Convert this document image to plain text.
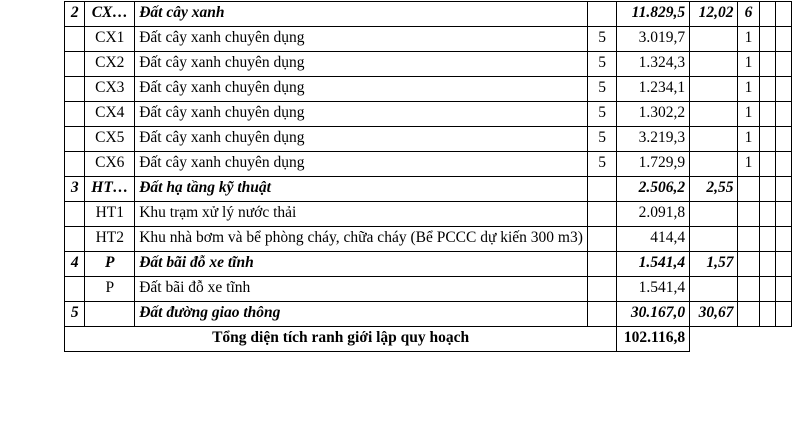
2	CX…	Đất cây xanh		11.829,5	12,02	6		
	CX1	Đất cây xanh chuyên dụng	5	3.019,7		1		
	CX2	Đất cây xanh chuyên dụng	5	1.324,3		1		
	CX3	Đất cây xanh chuyên dụng	5	1.234,1		1		
	CX4	Đất cây xanh chuyên dụng	5	1.302,2		1		
	CX5	Đất cây xanh chuyên dụng	5	3.219,3		1		
	CX6	Đất cây xanh chuyên dụng	5	1.729,9		1		
3	HT…	Đất hạ tầng kỹ thuật		2.506,2	2,55			
	HT1	Khu trạm xử lý nước thải		2.091,8				
	HT2	Khu nhà bơm và bể phòng cháy, chữa cháy (Bể PCCC dự kiến 300 m3)		414,4				
4	P	Đất bãi đỗ xe tĩnh		1.541,4	1,57			
	P	Đất bãi đỗ xe tĩnh		1.541,4				
5		Đất đường giao thông		30.167,0	30,67			
Tổng diện tích ranh giới lập quy hoạch				102.116,8				
